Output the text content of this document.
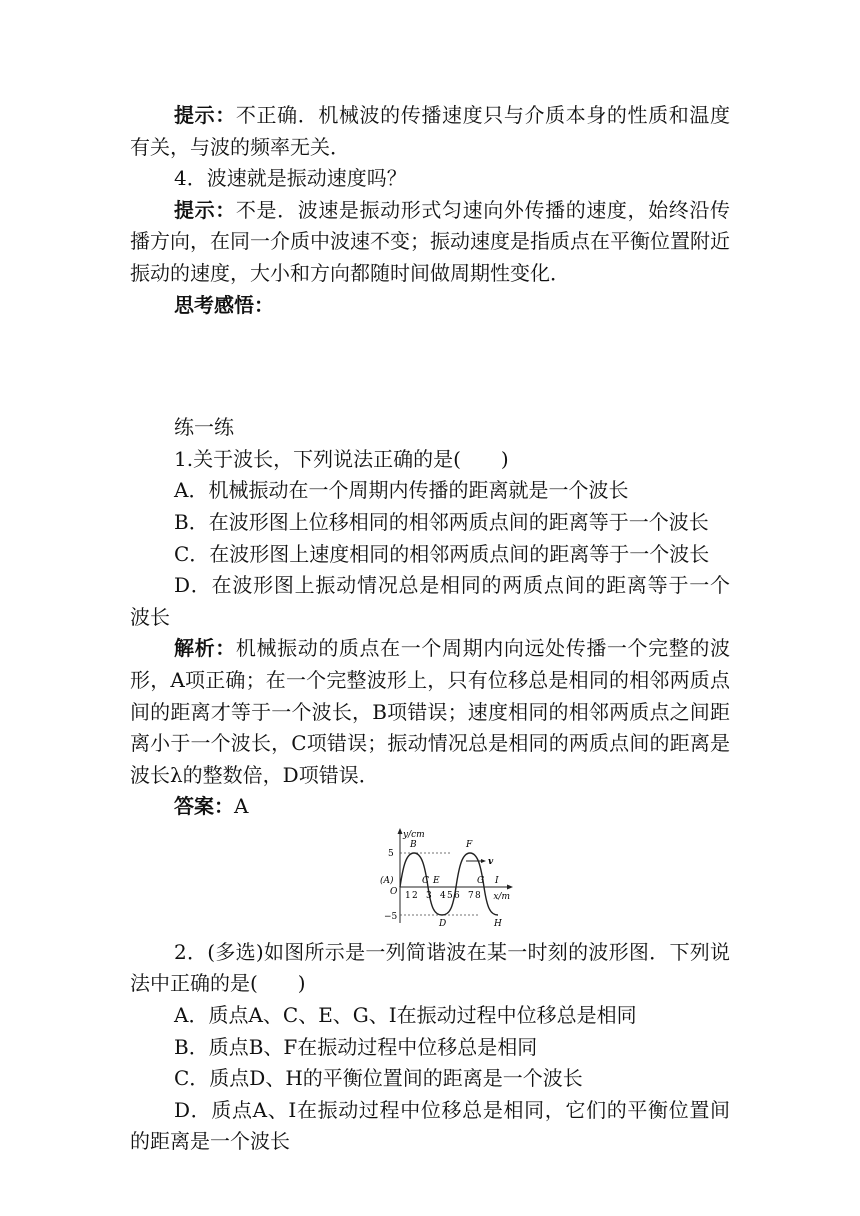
提示：不正确．机械波的传播速度只与介质本身的性质和温度有关，与波的频率无关．

4．波速就是振动速度吗？

提示：不是．波速是振动形式匀速向外传播的速度，始终沿传播方向，在同一介质中波速不变；振动速度是指质点在平衡位置附近振动的速度，大小和方向都随时间做周期性变化．

思考感悟：

练一练

1.关于波长，下列说法正确的是(　　)

A．机械振动在一个周期内传播的距离就是一个波长

B．在波形图上位移相同的相邻两质点间的距离等于一个波长

C．在波形图上速度相同的相邻两质点间的距离等于一个波长

D．在波形图上振动情况总是相同的两质点间的距离等于一个波长

解析：机械振动的质点在一个周期内向远处传播一个完整的波形，A项正确；在一个完整波形上，只有位移总是相同的相邻两质点间的距离才等于一个波长，B项错误；速度相同的相邻两质点之间距离小于一个波长，C项错误；振动情况总是相同的两质点间的距离是波长λ的整数倍，D项错误．

答案：A

y/cm
5
−5
O
(A)
B
C
D
E
F
G
H
I
v
x/m
1 2 3 4 5 6 7 8

2．(多选)如图所示是一列简谐波在某一时刻的波形图．下列说法中正确的是(　　)

A．质点A、C、E、G、I在振动过程中位移总是相同

B．质点B、F在振动过程中位移总是相同

C．质点D、H的平衡位置间的距离是一个波长

D．质点A、I在振动过程中位移总是相同，它们的平衡位置间的距离是一个波长
